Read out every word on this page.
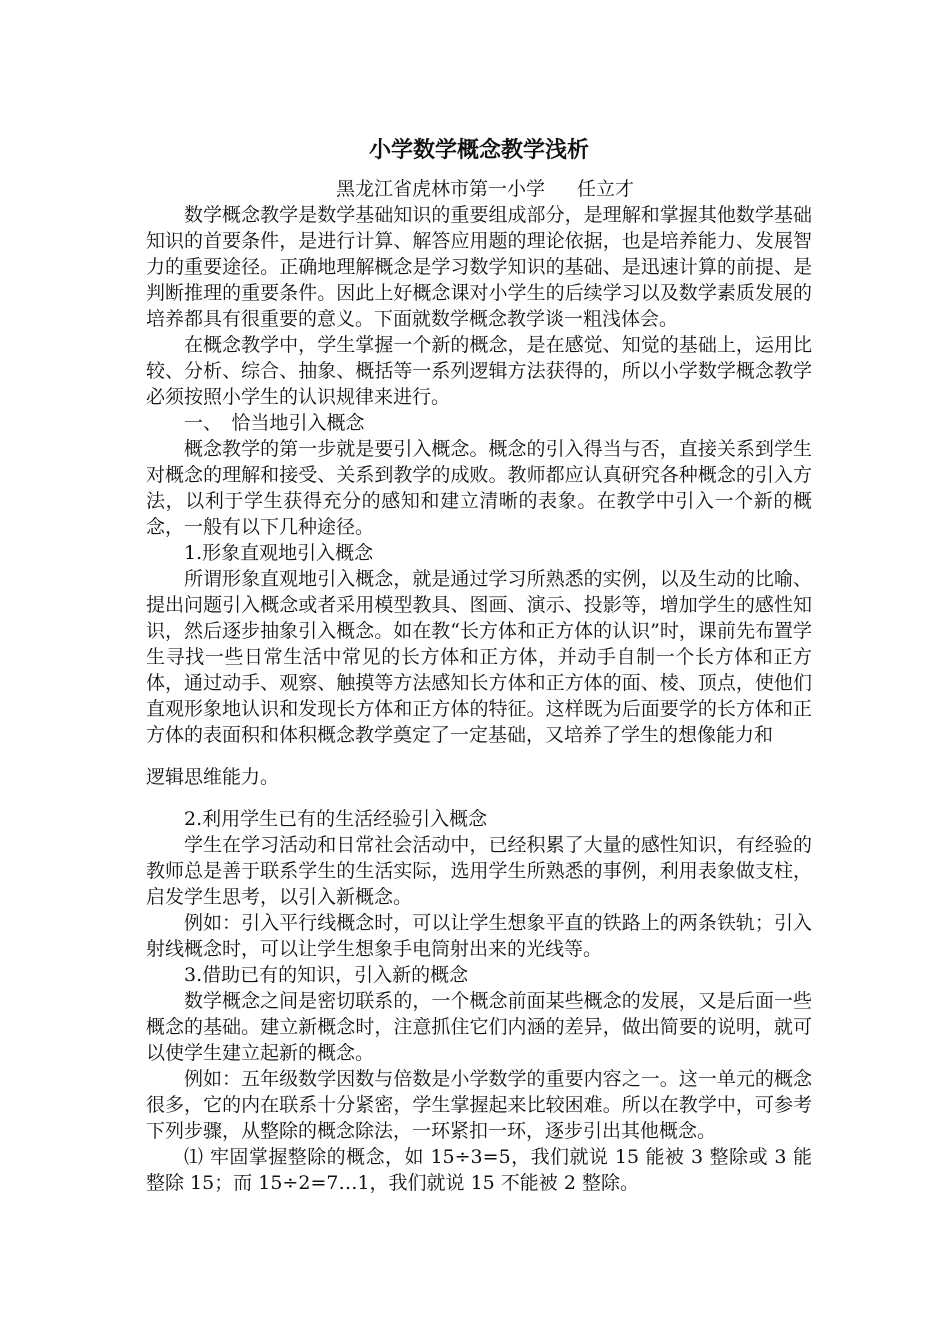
小学数学概念教学浅析
黑龙江省虎林市第一小学 任立才

数学概念教学是数学基础知识的重要组成部分，是理解和掌握其他数学基础知识的首要条件，是进行计算、解答应用题的理论依据，也是培养能力、发展智力的重要途径。正确地理解概念是学习数学知识的基础、是迅速计算的前提、是判断推理的重要条件。因此上好概念课对小学生的后续学习以及数学素质发展的培养都具有很重要的意义。下面就数学概念教学谈一粗浅体会。

在概念教学中，学生掌握一个新的概念，是在感觉、知觉的基础上，运用比较、分析、综合、抽象、概括等一系列逻辑方法获得的，所以小学数学概念教学必须按照小学生的认识规律来进行。

一、　恰当地引入概念

概念教学的第一步就是要引入概念。概念的引入得当与否，直接关系到学生对概念的理解和接受、关系到教学的成败。教师都应认真研究各种概念的引入方法，以利于学生获得充分的感知和建立清晰的表象。在教学中引入一个新的概念，一般有以下几种途径。

1.形象直观地引入概念

所谓形象直观地引入概念，就是通过学习所熟悉的实例，以及生动的比喻、提出问题引入概念或者采用模型教具、图画、演示、投影等，增加学生的感性知识，然后逐步抽象引入概念。如在教“长方体和正方体的认识”时，课前先布置学生寻找一些日常生活中常见的长方体和正方体，并动手自制一个长方体和正方体，通过动手、观察、触摸等方法感知长方体和正方体的面、棱、顶点，使他们直观形象地认识和发现长方体和正方体的特征。这样既为后面要学的长方体和正方体的表面积和体积概念教学奠定了一定基础，又培养了学生的想像能力和

逻辑思维能力。

2.利用学生已有的生活经验引入概念

学生在学习活动和日常社会活动中，已经积累了大量的感性知识，有经验的教师总是善于联系学生的生活实际，选用学生所熟悉的事例，利用表象做支柱，启发学生思考，以引入新概念。

例如：引入平行线概念时，可以让学生想象平直的铁路上的两条铁轨；引入射线概念时，可以让学生想象手电筒射出来的光线等。

3.借助已有的知识，引入新的概念

数学概念之间是密切联系的，一个概念前面某些概念的发展，又是后面一些概念的基础。建立新概念时，注意抓住它们内涵的差异，做出简要的说明，就可以使学生建立起新的概念。

例如：五年级数学因数与倍数是小学数学的重要内容之一。这一单元的概念很多，它的内在联系十分紧密，学生掌握起来比较困难。所以在教学中，可参考下列步骤，从整除的概念除法，一环紧扣一环，逐步引出其他概念。

⑴ 牢固掌握整除的概念，如 15÷3=5，我们就说 15 能被 3 整除或 3 能整除 15；而 15÷2=7…1，我们就说 15 不能被 2 整除。
